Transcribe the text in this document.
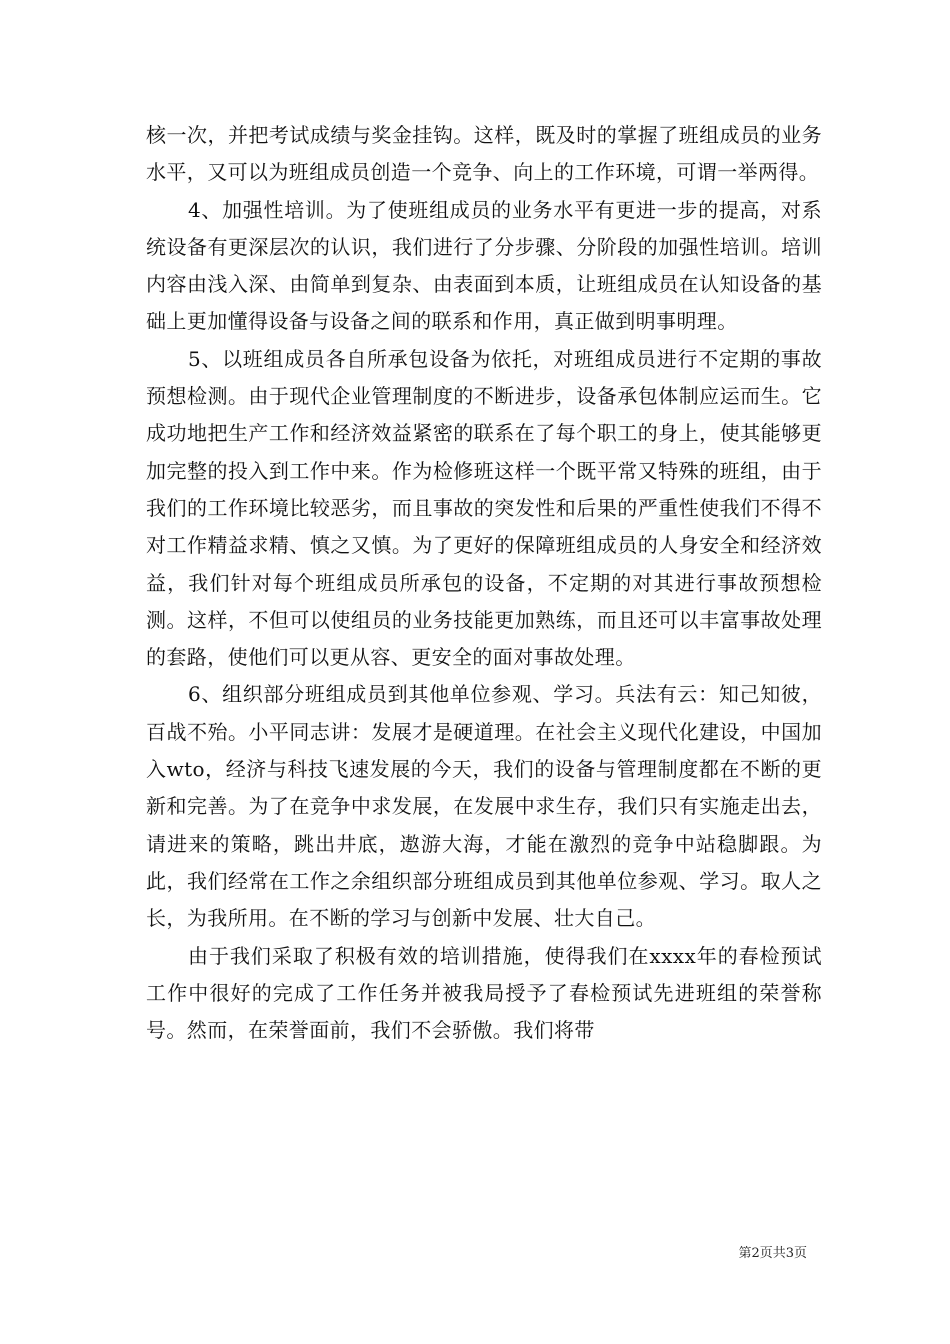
核一次，并把考试成绩与奖金挂钩。这样，既及时的掌握了班组成员的业务水平，又可以为班组成员创造一个竞争、向上的工作环境，可谓一举两得。

4、加强性培训。为了使班组成员的业务水平有更进一步的提高，对系统设备有更深层次的认识，我们进行了分步骤、分阶段的加强性培训。培训内容由浅入深、由简单到复杂、由表面到本质，让班组成员在认知设备的基础上更加懂得设备与设备之间的联系和作用，真正做到明事明理。

5、以班组成员各自所承包设备为依托，对班组成员进行不定期的事故预想检测。由于现代企业管理制度的不断进步，设备承包体制应运而生。它成功地把生产工作和经济效益紧密的联系在了每个职工的身上，使其能够更加完整的投入到工作中来。作为检修班这样一个既平常又特殊的班组，由于我们的工作环境比较恶劣，而且事故的突发性和后果的严重性使我们不得不对工作精益求精、慎之又慎。为了更好的保障班组成员的人身安全和经济效益，我们针对每个班组成员所承包的设备，不定期的对其进行事故预想检测。这样，不但可以使组员的业务技能更加熟练，而且还可以丰富事故处理的套路，使他们可以更从容、更安全的面对事故处理。

6、组织部分班组成员到其他单位参观、学习。兵法有云：知己知彼，百战不殆。小平同志讲：发展才是硬道理。在社会主义现代化建设，中国加入wto，经济与科技飞速发展的今天，我们的设备与管理制度都在不断的更新和完善。为了在竞争中求发展，在发展中求生存，我们只有实施走出去，请进来的策略，跳出井底，遨游大海，才能在激烈的竞争中站稳脚跟。为此，我们经常在工作之余组织部分班组成员到其他单位参观、学习。取人之长，为我所用。在不断的学习与创新中发展、壮大自己。

由于我们采取了积极有效的培训措施，使得我们在xxxx年的春检预试工作中很好的完成了工作任务并被我局授予了春检预试先进班组的荣誉称号。然而，在荣誉面前，我们不会骄傲。我们将带

第2页共3页
